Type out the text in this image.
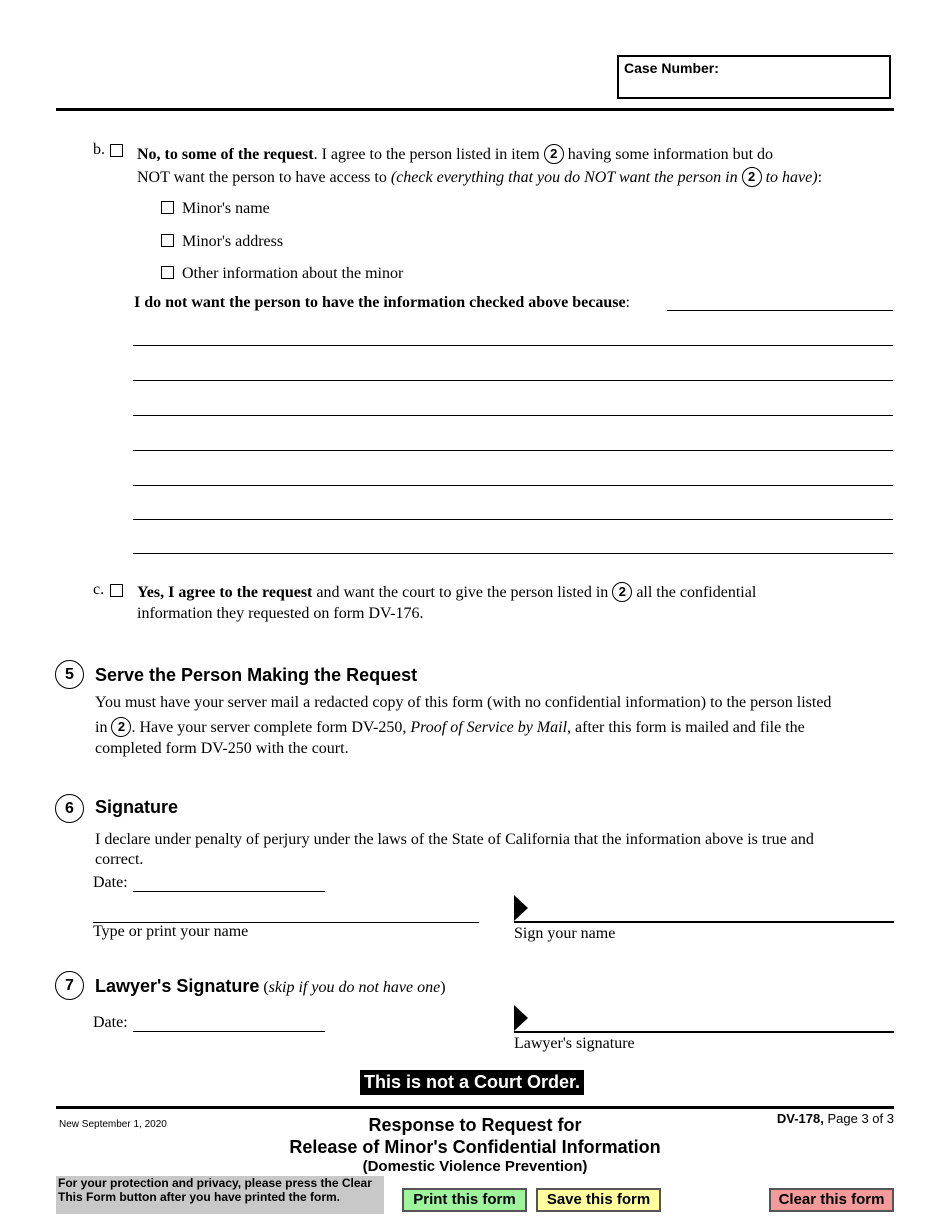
Case Number:
b. No, to some of the request. I agree to the person listed in item 2 having some information but do
NOT want the person to have access to (check everything that you do NOT want the person in 2 to have):
Minor's name
Minor's address
Other information about the minor
I do not want the person to have the information checked above because:
c. Yes, I agree to the request and want the court to give the person listed in 2 all the confidential
information they requested on form DV-176.
5	Serve the Person Making the Request
You must have your server mail a redacted copy of this form (with no confidential information) to the person listed
in 2 . Have your server complete form DV-250, Proof of Service by Mail, after this form is mailed and file the
completed form DV-250 with the court.
6	Signature
I declare under penalty of perjury under the laws of the State of California that the information above is true and
correct.
Date:
Type or print your name	Sign your name
7	Lawyer's Signature (skip if you do not have one)
Date:
Lawyer's signature
This is not a Court Order.
New September 1, 2020	Response to Request for
Release of Minor's Confidential Information
(Domestic Violence Prevention)
DV-178, Page 3 of 3
For your protection and privacy, please press the Clear This Form button after you have printed the form.	Print this form	Save this form	Clear this form
